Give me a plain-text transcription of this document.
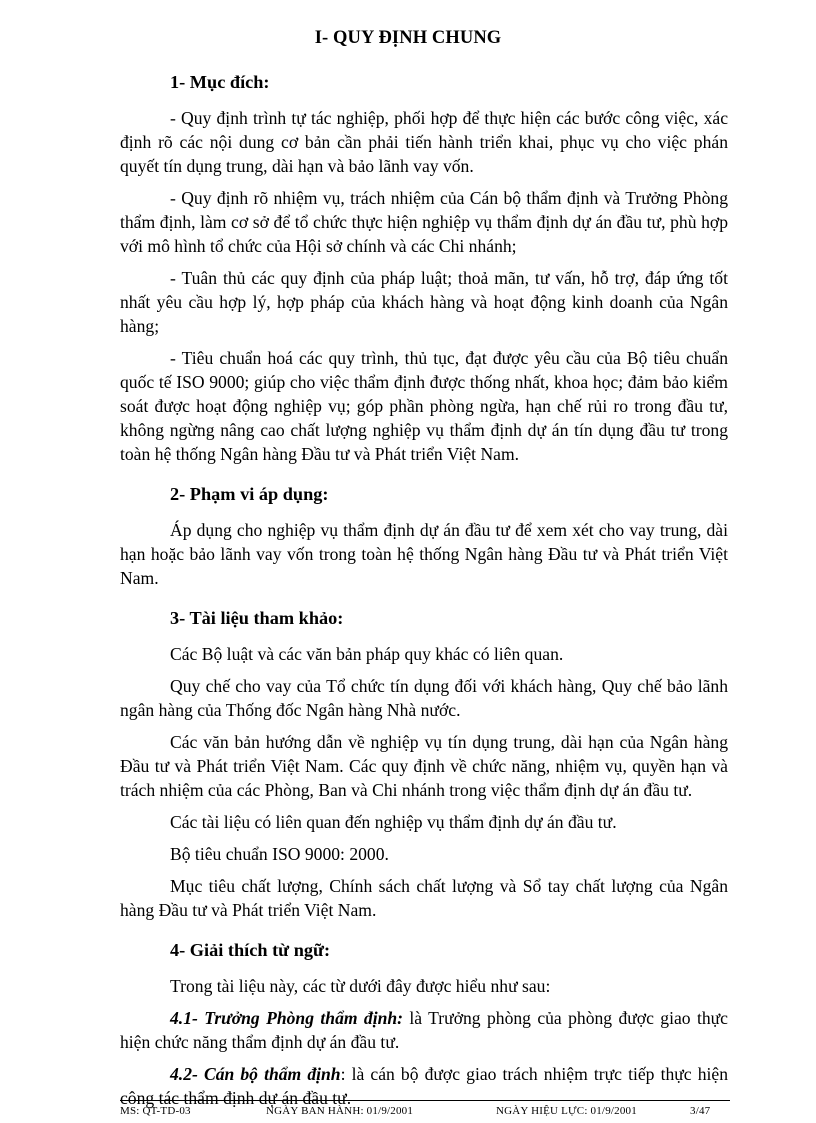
I- QUY ĐỊNH CHUNG
1- Mục đích:

- Quy định trình tự tác nghiệp, phối hợp để thực hiện các bước công việc, xác định rõ các nội dung cơ bản cần phải tiến hành triển khai, phục vụ cho việc phán quyết tín dụng trung, dài hạn và bảo lãnh vay vốn.

- Quy định rõ nhiệm vụ, trách nhiệm của Cán bộ thẩm định và Trưởng Phòng thẩm định, làm cơ sở để tổ chức thực hiện nghiệp vụ thẩm định dự án đầu tư, phù hợp với mô hình tổ chức của Hội sở chính và các Chi nhánh;

- Tuân thủ các quy định của pháp luật; thoả mãn, tư vấn, hỗ trợ, đáp ứng tốt nhất yêu cầu hợp lý, hợp pháp của khách hàng và hoạt động kinh doanh của Ngân hàng;

- Tiêu chuẩn hoá các quy trình, thủ tục, đạt được yêu cầu của Bộ tiêu chuẩn quốc tế ISO 9000; giúp cho việc thẩm định được thống nhất, khoa học; đảm bảo kiểm soát được hoạt động nghiệp vụ; góp phần phòng ngừa, hạn chế rủi ro trong đầu tư, không ngừng nâng cao chất lượng nghiệp vụ thẩm định dự án tín dụng đầu tư trong toàn hệ thống Ngân hàng Đầu tư và Phát triển Việt Nam.

2- Phạm vi áp dụng:

Áp dụng cho nghiệp vụ thẩm định dự án đầu tư để xem xét cho vay trung, dài hạn hoặc bảo lãnh vay vốn trong toàn hệ thống Ngân hàng Đầu tư và Phát triển Việt Nam.

3- Tài liệu tham khảo:

Các Bộ luật và các văn bản pháp quy khác có liên quan.

Quy chế cho vay của Tổ chức tín dụng đối với khách hàng, Quy chế bảo lãnh ngân hàng của Thống đốc Ngân hàng Nhà nước.

Các văn bản hướng dẫn về nghiệp vụ tín dụng trung, dài hạn của Ngân hàng Đầu tư và Phát triển Việt Nam. Các quy định về chức năng, nhiệm vụ, quyền hạn và trách nhiệm của các Phòng, Ban và Chi nhánh trong việc thẩm định dự án đầu tư.

Các tài liệu có liên quan đến nghiệp vụ thẩm định dự án đầu tư.

Bộ tiêu chuẩn ISO 9000: 2000.

Mục tiêu chất lượng, Chính sách chất lượng và Sổ tay chất lượng của Ngân hàng Đầu tư và Phát triển Việt Nam.

4- Giải thích từ ngữ:

Trong tài liệu này, các từ dưới đây được hiểu như sau:

4.1- Trưởng Phòng thẩm định: là Trưởng phòng của phòng được giao thực hiện chức năng thẩm định dự án đầu tư.

4.2- Cán bộ thẩm định: là cán bộ được giao trách nhiệm trực tiếp thực hiện công tác thẩm định dự án đầu tư.

MS: QT-TD-03	NGÀY BAN HÀNH: 01/9/2001	NGÀY HIỆU LỰC: 01/9/2001	3/47
